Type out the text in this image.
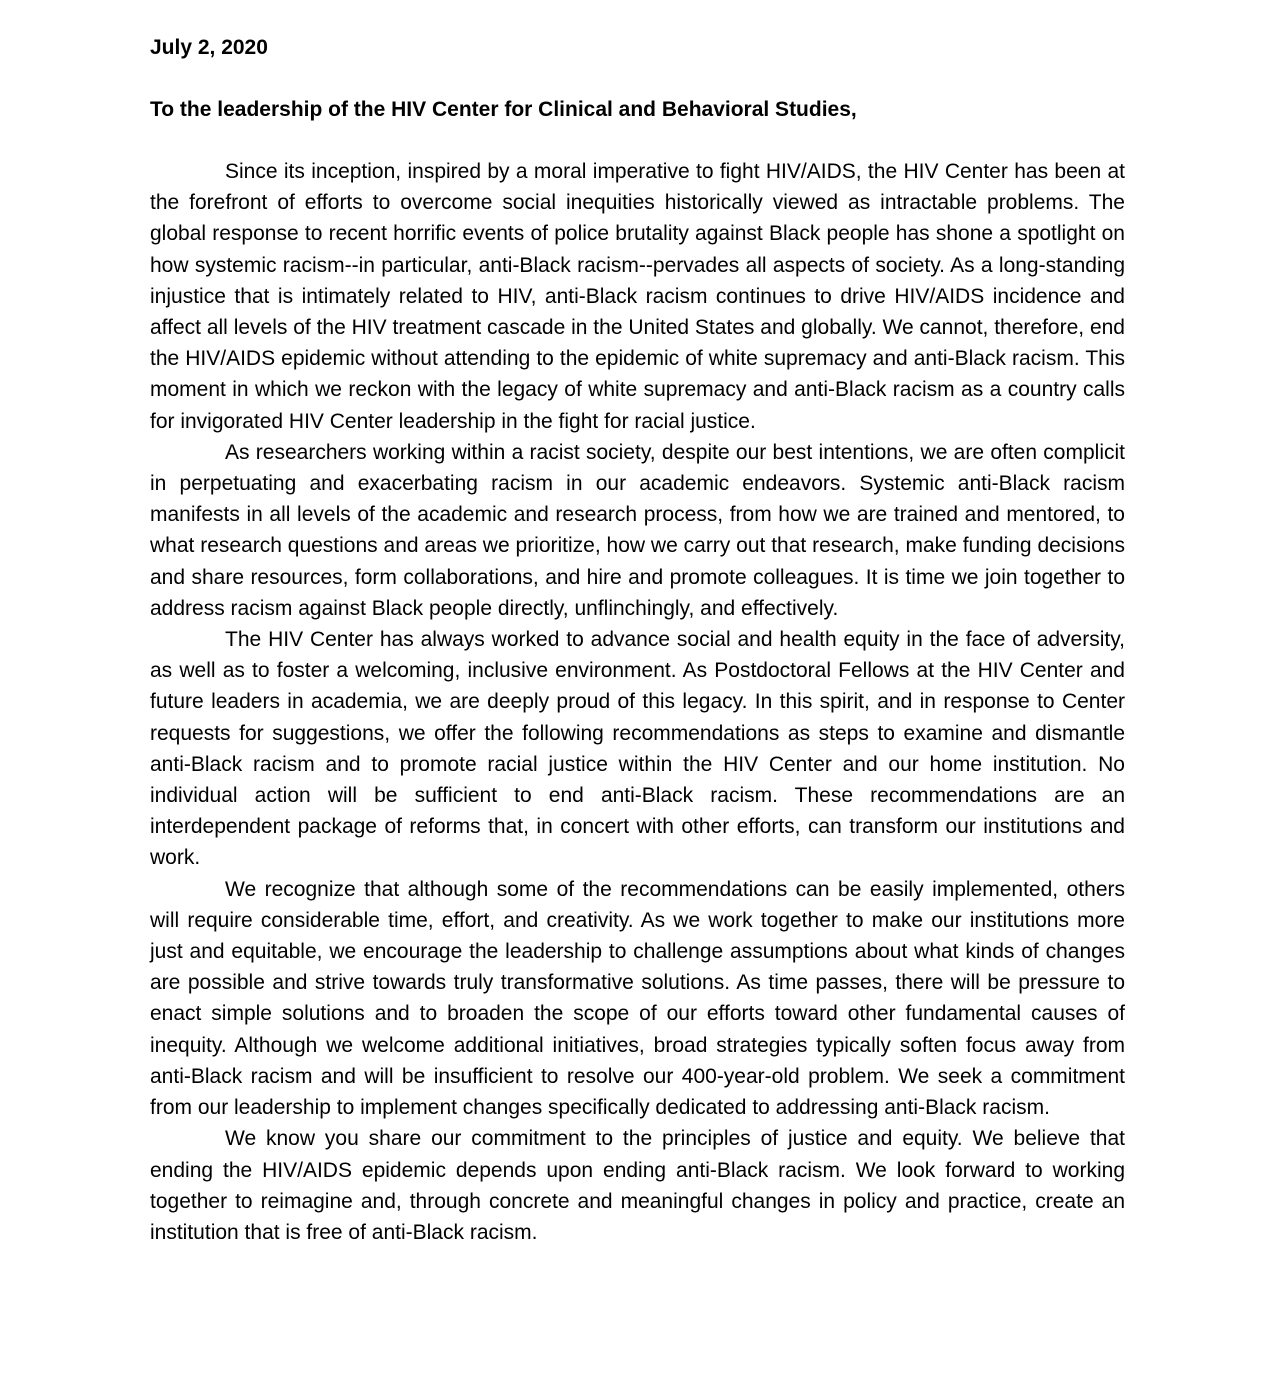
July 2, 2020

To the leadership of the HIV Center for Clinical and Behavioral Studies,

Since its inception, inspired by a moral imperative to fight HIV/AIDS, the HIV Center has been at the forefront of efforts to overcome social inequities historically viewed as intractable problems. The global response to recent horrific events of police brutality against Black people has shone a spotlight on how systemic racism--in particular, anti-Black racism--pervades all aspects of society. As a long-standing injustice that is intimately related to HIV, anti-Black racism continues to drive HIV/AIDS incidence and affect all levels of the HIV treatment cascade in the United States and globally. We cannot, therefore, end the HIV/AIDS epidemic without attending to the epidemic of white supremacy and anti-Black racism. This moment in which we reckon with the legacy of white supremacy and anti-Black racism as a country calls for invigorated HIV Center leadership in the fight for racial justice.

As researchers working within a racist society, despite our best intentions, we are often complicit in perpetuating and exacerbating racism in our academic endeavors. Systemic anti-Black racism manifests in all levels of the academic and research process, from how we are trained and mentored, to what research questions and areas we prioritize, how we carry out that research, make funding decisions and share resources, form collaborations, and hire and promote colleagues. It is time we join together to address racism against Black people directly, unflinchingly, and effectively.

The HIV Center has always worked to advance social and health equity in the face of adversity, as well as to foster a welcoming, inclusive environment. As Postdoctoral Fellows at the HIV Center and future leaders in academia, we are deeply proud of this legacy. In this spirit, and in response to Center requests for suggestions, we offer the following recommendations as steps to examine and dismantle anti-Black racism and to promote racial justice within the HIV Center and our home institution. No individual action will be sufficient to end anti-Black racism. These recommendations are an interdependent package of reforms that, in concert with other efforts, can transform our institutions and work.

We recognize that although some of the recommendations can be easily implemented, others will require considerable time, effort, and creativity. As we work together to make our institutions more just and equitable, we encourage the leadership to challenge assumptions about what kinds of changes are possible and strive towards truly transformative solutions. As time passes, there will be pressure to enact simple solutions and to broaden the scope of our efforts toward other fundamental causes of inequity. Although we welcome additional initiatives, broad strategies typically soften focus away from anti-Black racism and will be insufficient to resolve our 400-year-old problem. We seek a commitment from our leadership to implement changes specifically dedicated to addressing anti-Black racism.

We know you share our commitment to the principles of justice and equity. We believe that ending the HIV/AIDS epidemic depends upon ending anti-Black racism. We look forward to working together to reimagine and, through concrete and meaningful changes in policy and practice, create an institution that is free of anti-Black racism.
